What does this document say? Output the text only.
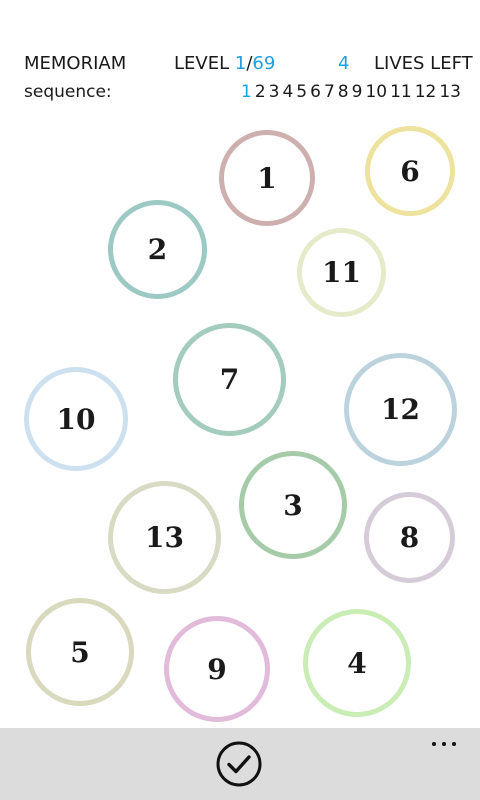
MEMORIAM	LEVEL 1/69	4 LIVES LEFT
sequence:	1 2 3 4 5 6 7 8 9 10 11 12 13
1	6
2
11
7
10	12
3
13	8
5
9	4
